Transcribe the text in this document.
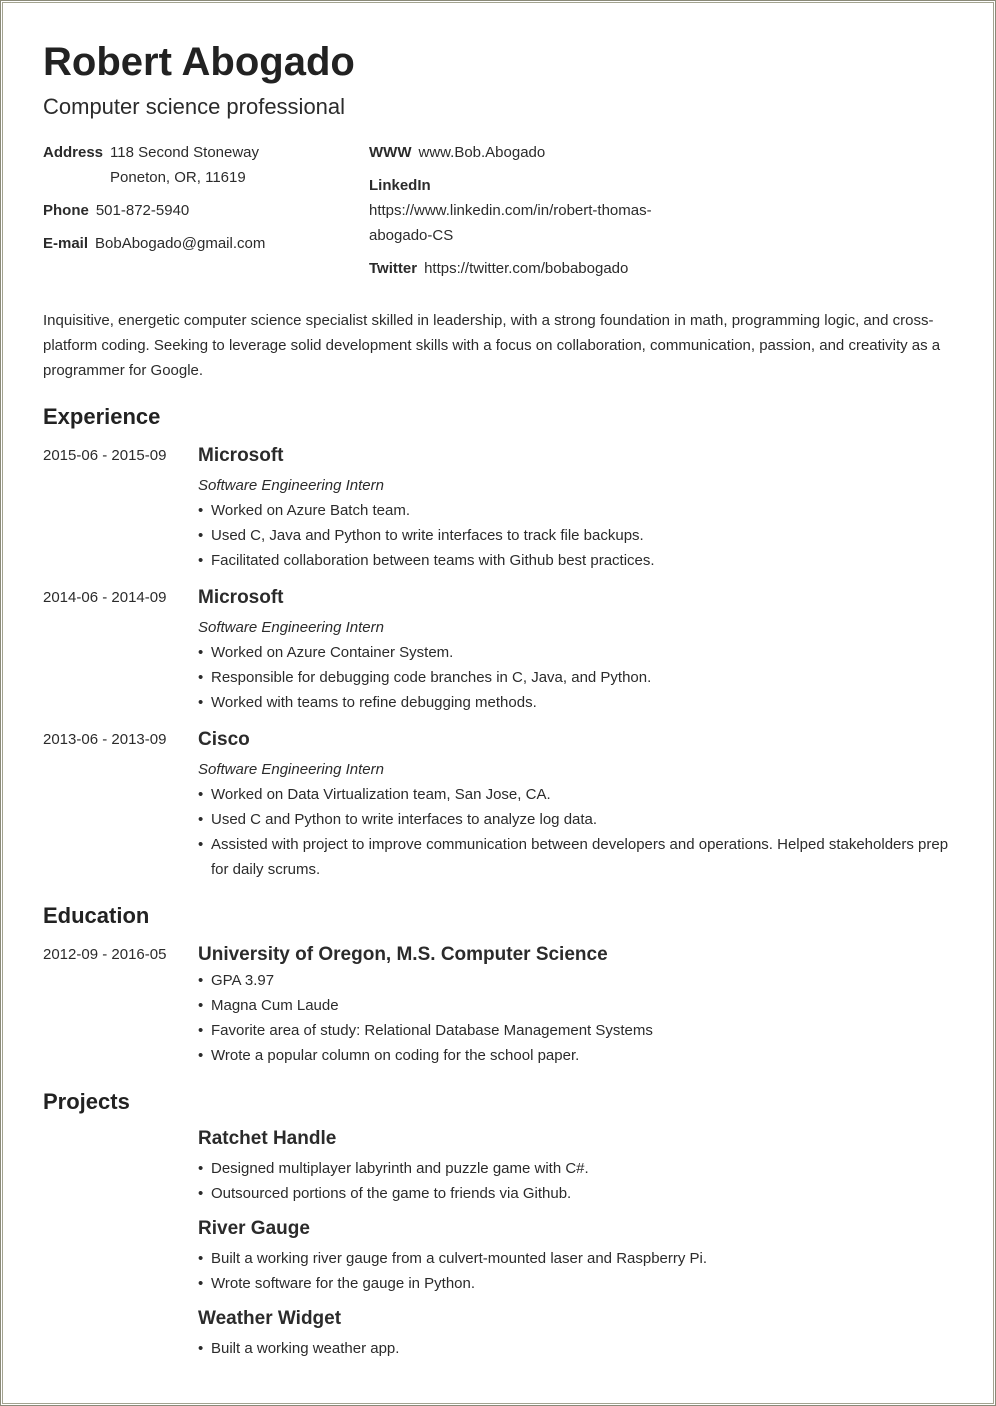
Robert Abogado
Computer science professional
Address 118 Second Stoneway
Poneton, OR, 11619
Phone 501-872-5940
E-mail BobAbogado@gmail.com
WWW www.Bob.Abogado
LinkedIn
https://www.linkedin.com/in/robert-thomas-
abogado-CS
Twitter https://twitter.com/bobabogado
Inquisitive, energetic computer science specialist skilled in leadership, with a strong foundation in math, programming logic, and cross-platform coding. Seeking to leverage solid development skills with a focus on collaboration, communication, passion, and creativity as a programmer for Google.
Experience
2015-06 - 2015-09	Microsoft
Software Engineering Intern
• Worked on Azure Batch team.
• Used C, Java and Python to write interfaces to track file backups.
• Facilitated collaboration between teams with Github best practices.
2014-06 - 2014-09	Microsoft
Software Engineering Intern
• Worked on Azure Container System.
• Responsible for debugging code branches in C, Java, and Python.
• Worked with teams to refine debugging methods.
2013-06 - 2013-09	Cisco
Software Engineering Intern
• Worked on Data Virtualization team, San Jose, CA.
• Used C and Python to write interfaces to analyze log data.
• Assisted with project to improve communication between developers and operations. Helped stakeholders prep for daily scrums.
Education
2012-09 - 2016-05	University of Oregon, M.S. Computer Science
• GPA 3.97
• Magna Cum Laude
• Favorite area of study: Relational Database Management Systems
• Wrote a popular column on coding for the school paper.
Projects
Ratchet Handle
• Designed multiplayer labyrinth and puzzle game with C#.
• Outsourced portions of the game to friends via Github.
River Gauge
• Built a working river gauge from a culvert-mounted laser and Raspberry Pi.
• Wrote software for the gauge in Python.
Weather Widget
• Built a working weather app.
